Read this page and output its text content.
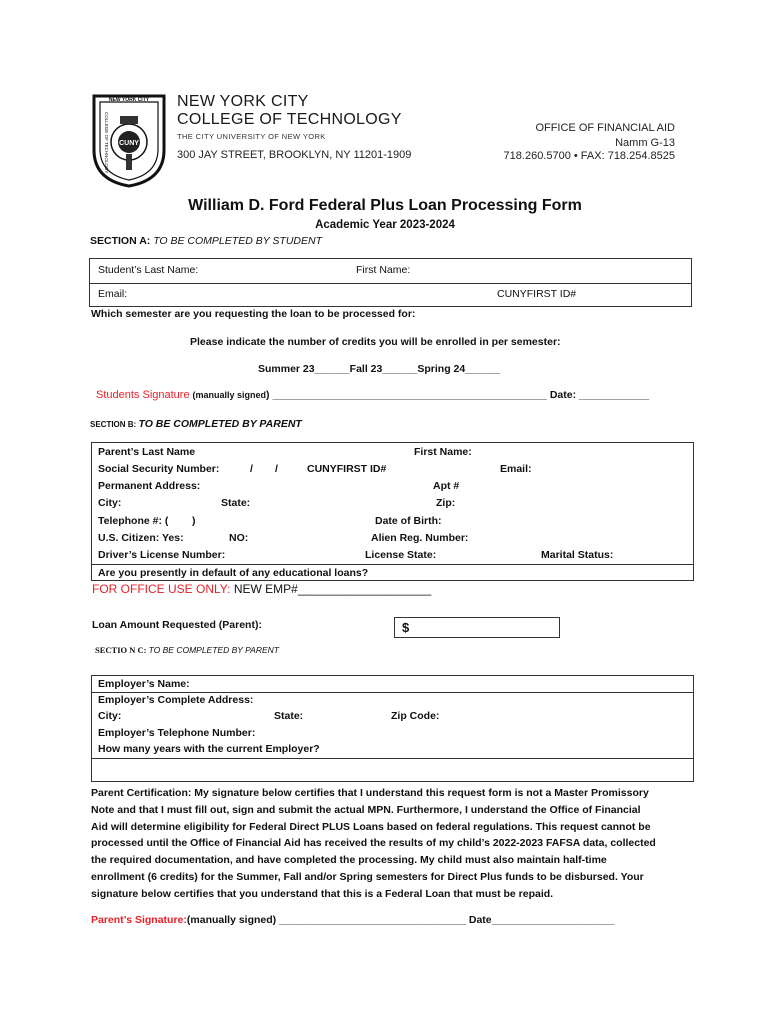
NEW YORK CITY
COLLEGE OF TECHNOLOGY CUNY
NEW YORK CITY
COLLEGE OF TECHNOLOGY
THE CITY UNIVERSITY OF NEW YORK
300 JAY STREET, BROOKLYN, NY 11201-1909
OFFICE OF FINANCIAL AID
Namm G-13
718.260.5700 • FAX: 718.254.8525
William D. Ford Federal Plus Loan Processing Form
Academic Year 2023-2024
SECTION A: TO BE COMPLETED BY STUDENT
Student’s Last Name:	First Name:
Email:	CUNYFIRST ID#
Which semester are you requesting the loan to be processed for:
Please indicate the number of credits you will be enrolled in per semester:
Summer 23______Fall 23______Spring 24______
Students Signature (manually signed) _______________________________________________ Date: ____________
SECTION B: TO BE COMPLETED BY PARENT
Parent’s Last Name	First Name:
Social Security Number:	/ /	CUNYFIRST ID#	Email:
Permanent Address:	Apt #
City:	State:	Zip:
Telephone #: ( )	Date of Birth:
U.S. Citizen: Yes:	NO:	Alien Reg. Number:
Driver’s License Number:	License State:	Marital Status:
Are you presently in default of any educational loans?
FOR OFFICE USE ONLY: NEW EMP#____________________
Loan Amount Requested (Parent):	$
SECTIO N C: TO BE COMPLETED BY PARENT
Employer’s Name:
Employer’s Complete Address:
City:	State:	Zip Code:
Employer’s Telephone Number:
How many years with the current Employer?
Parent Certification: My signature below certifies that I understand this request form is not a Master Promissory
Note and that I must fill out, sign and submit the actual MPN. Furthermore, I understand the Office of Financial
Aid will determine eligibility for Federal Direct PLUS Loans based on federal regulations. This request cannot be
processed until the Office of Financial Aid has received the results of my child’s 2022-2023 FAFSA data, collected
the required documentation, and have completed the processing. My child must also maintain half-time
enrollment (6 credits) for the Summer, Fall and/or Spring semesters for Direct Plus funds to be disbursed. Your
signature below certifies that you understand that this is a Federal Loan that must be repaid.
Parent’s Signature:(manually signed) ________________________________ Date_____________________
